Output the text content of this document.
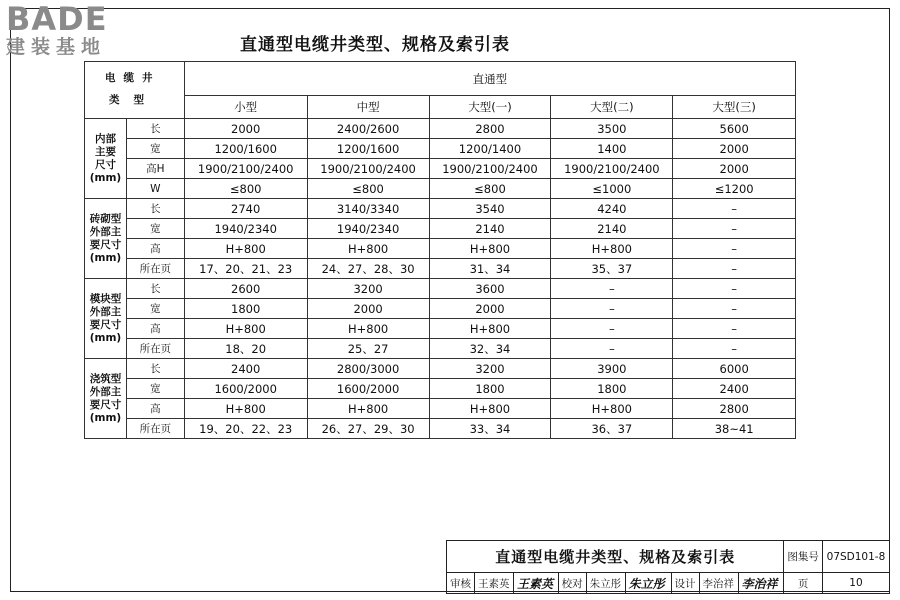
BADE
建装基地	直通型电缆井类型、规格及索引表
电缆井
类型		直通型				
		小型	中型	大型(一)	大型(二)	大型(三)

内部
主要
尺寸
(mm)	长	2000	2400/2600	2800	3500	5600
	宽	1200/1600	1200/1600	1200/1400	1400	2000
	高H	1900/2100/2400	1900/2100/2400	1900/2100/2400	1900/2100/2400	2000
	W	≤800	≤800	≤800	≤1000	≤1200

砖砌型
外部主
要尺寸
(mm)	长	2740	3140/3340	3540	4240	–
	宽	1940/2340	1940/2340	2140	2140	–
	高	H+800	H+800	H+800	H+800	–
	所在页	17、20、21、23	24、27、28、30	31、34	35、37	–

模块型
外部主
要尺寸
(mm)	长	2600	3200	3600	–	–
	宽	1800	2000	2000	–	–
	高	H+800	H+800	H+800	–	–
	所在页	18、20	25、27	32、34	–	–

浇筑型
外部主
要尺寸
(mm)	长	2400	2800/3000	3200	3900	6000
	宽	1600/2000	1600/2000	1800	1800	2400
	高	H+800	H+800	H+800	H+800	2800
	所在页	19、20、22、23	26、27、29、30	33、34	36、37	38~41
直通型电缆井类型、规格及索引表									图集号	07SD101-8
审核	王素英	王素英	校对	朱立彤	朱立彤	设计	李治祥	李治祥	页	10
